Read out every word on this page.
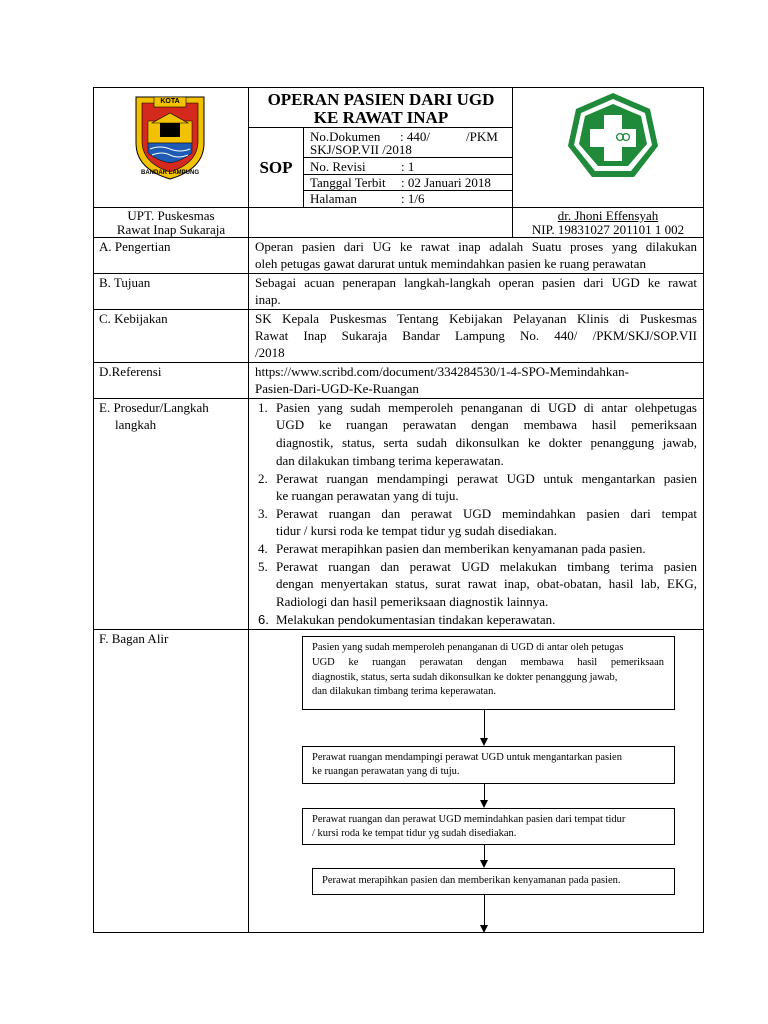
KOTA
BANDAR LAMPUNG
OPERAN PASIEN DARI UGD
KE RAWAT INAP
SOP
No.Dokumen : 440/	/PKM
SKJ/SOP.VII /2018
No. Revisi	: 1
Tanggal Terbit : 02 Januari 2018
Halaman	: 1/6
UPT. Puskesmas
Rawat Inap Sukaraja
dr. Jhoni Effensyah
NIP. 19831027 201101 1 002
A. Pengertian	Operan pasien dari UG ke rawat inap adalah Suatu proses yang dilakukan
oleh petugas gawat darurat untuk memindahkan pasien ke ruang perawatan
B. Tujuan	Sebagai acuan penerapan langkah-langkah operan pasien dari UGD ke rawat
inap.
C. Kebijakan	SK Kepala Puskesmas Tentang Kebijakan Pelayanan Klinis di Puskesmas
Rawat Inap Sukaraja Bandar Lampung No. 440/ /PKM/SKJ/SOP.VII
/2018
D.Referensi	https://www.scribd.com/document/334284530/1-4-SPO-Memindahkan-
Pasien-Dari-UGD-Ke-Ruangan
E. Prosedur/Langkah
langkah
1. Pasien yang sudah memperoleh penanganan di UGD di antar olehpetugas
UGD ke ruangan perawatan dengan membawa hasil pemeriksaan
diagnostik, status, serta sudah dikonsulkan ke dokter penanggung jawab,
dan dilakukan timbang terima keperawatan.
2. Perawat ruangan mendampingi perawat UGD untuk mengantarkan pasien
ke ruangan perawatan yang di tuju.
3. Perawat ruangan dan perawat UGD memindahkan pasien dari tempat
tidur / kursi roda ke tempat tidur yg sudah disediakan.
4. Perawat merapihkan pasien dan memberikan kenyamanan pada pasien.
5. Perawat ruangan dan perawat UGD melakukan timbang terima pasien
dengan menyertakan status, surat rawat inap, obat-obatan, hasil lab, EKG,
Radiologi dan hasil pemeriksaan diagnostik lainnya.
6. Melakukan pendokumentasian tindakan keperawatan.
F. Bagan Alir
Pasien yang sudah memperoleh penanganan di UGD di antar oleh petugas
UGD ke ruangan perawatan dengan membawa hasil pemeriksaan
diagnostik, status, serta sudah dikonsulkan ke dokter penanggung jawab,
dan dilakukan timbang terima keperawatan.
Perawat ruangan mendampingi perawat UGD untuk mengantarkan pasien
ke ruangan perawatan yang di tuju.
Perawat ruangan dan perawat UGD memindahkan pasien dari tempat tidur
/ kursi roda ke tempat tidur yg sudah disediakan.
Perawat merapihkan pasien dan memberikan kenyamanan pada pasien.
